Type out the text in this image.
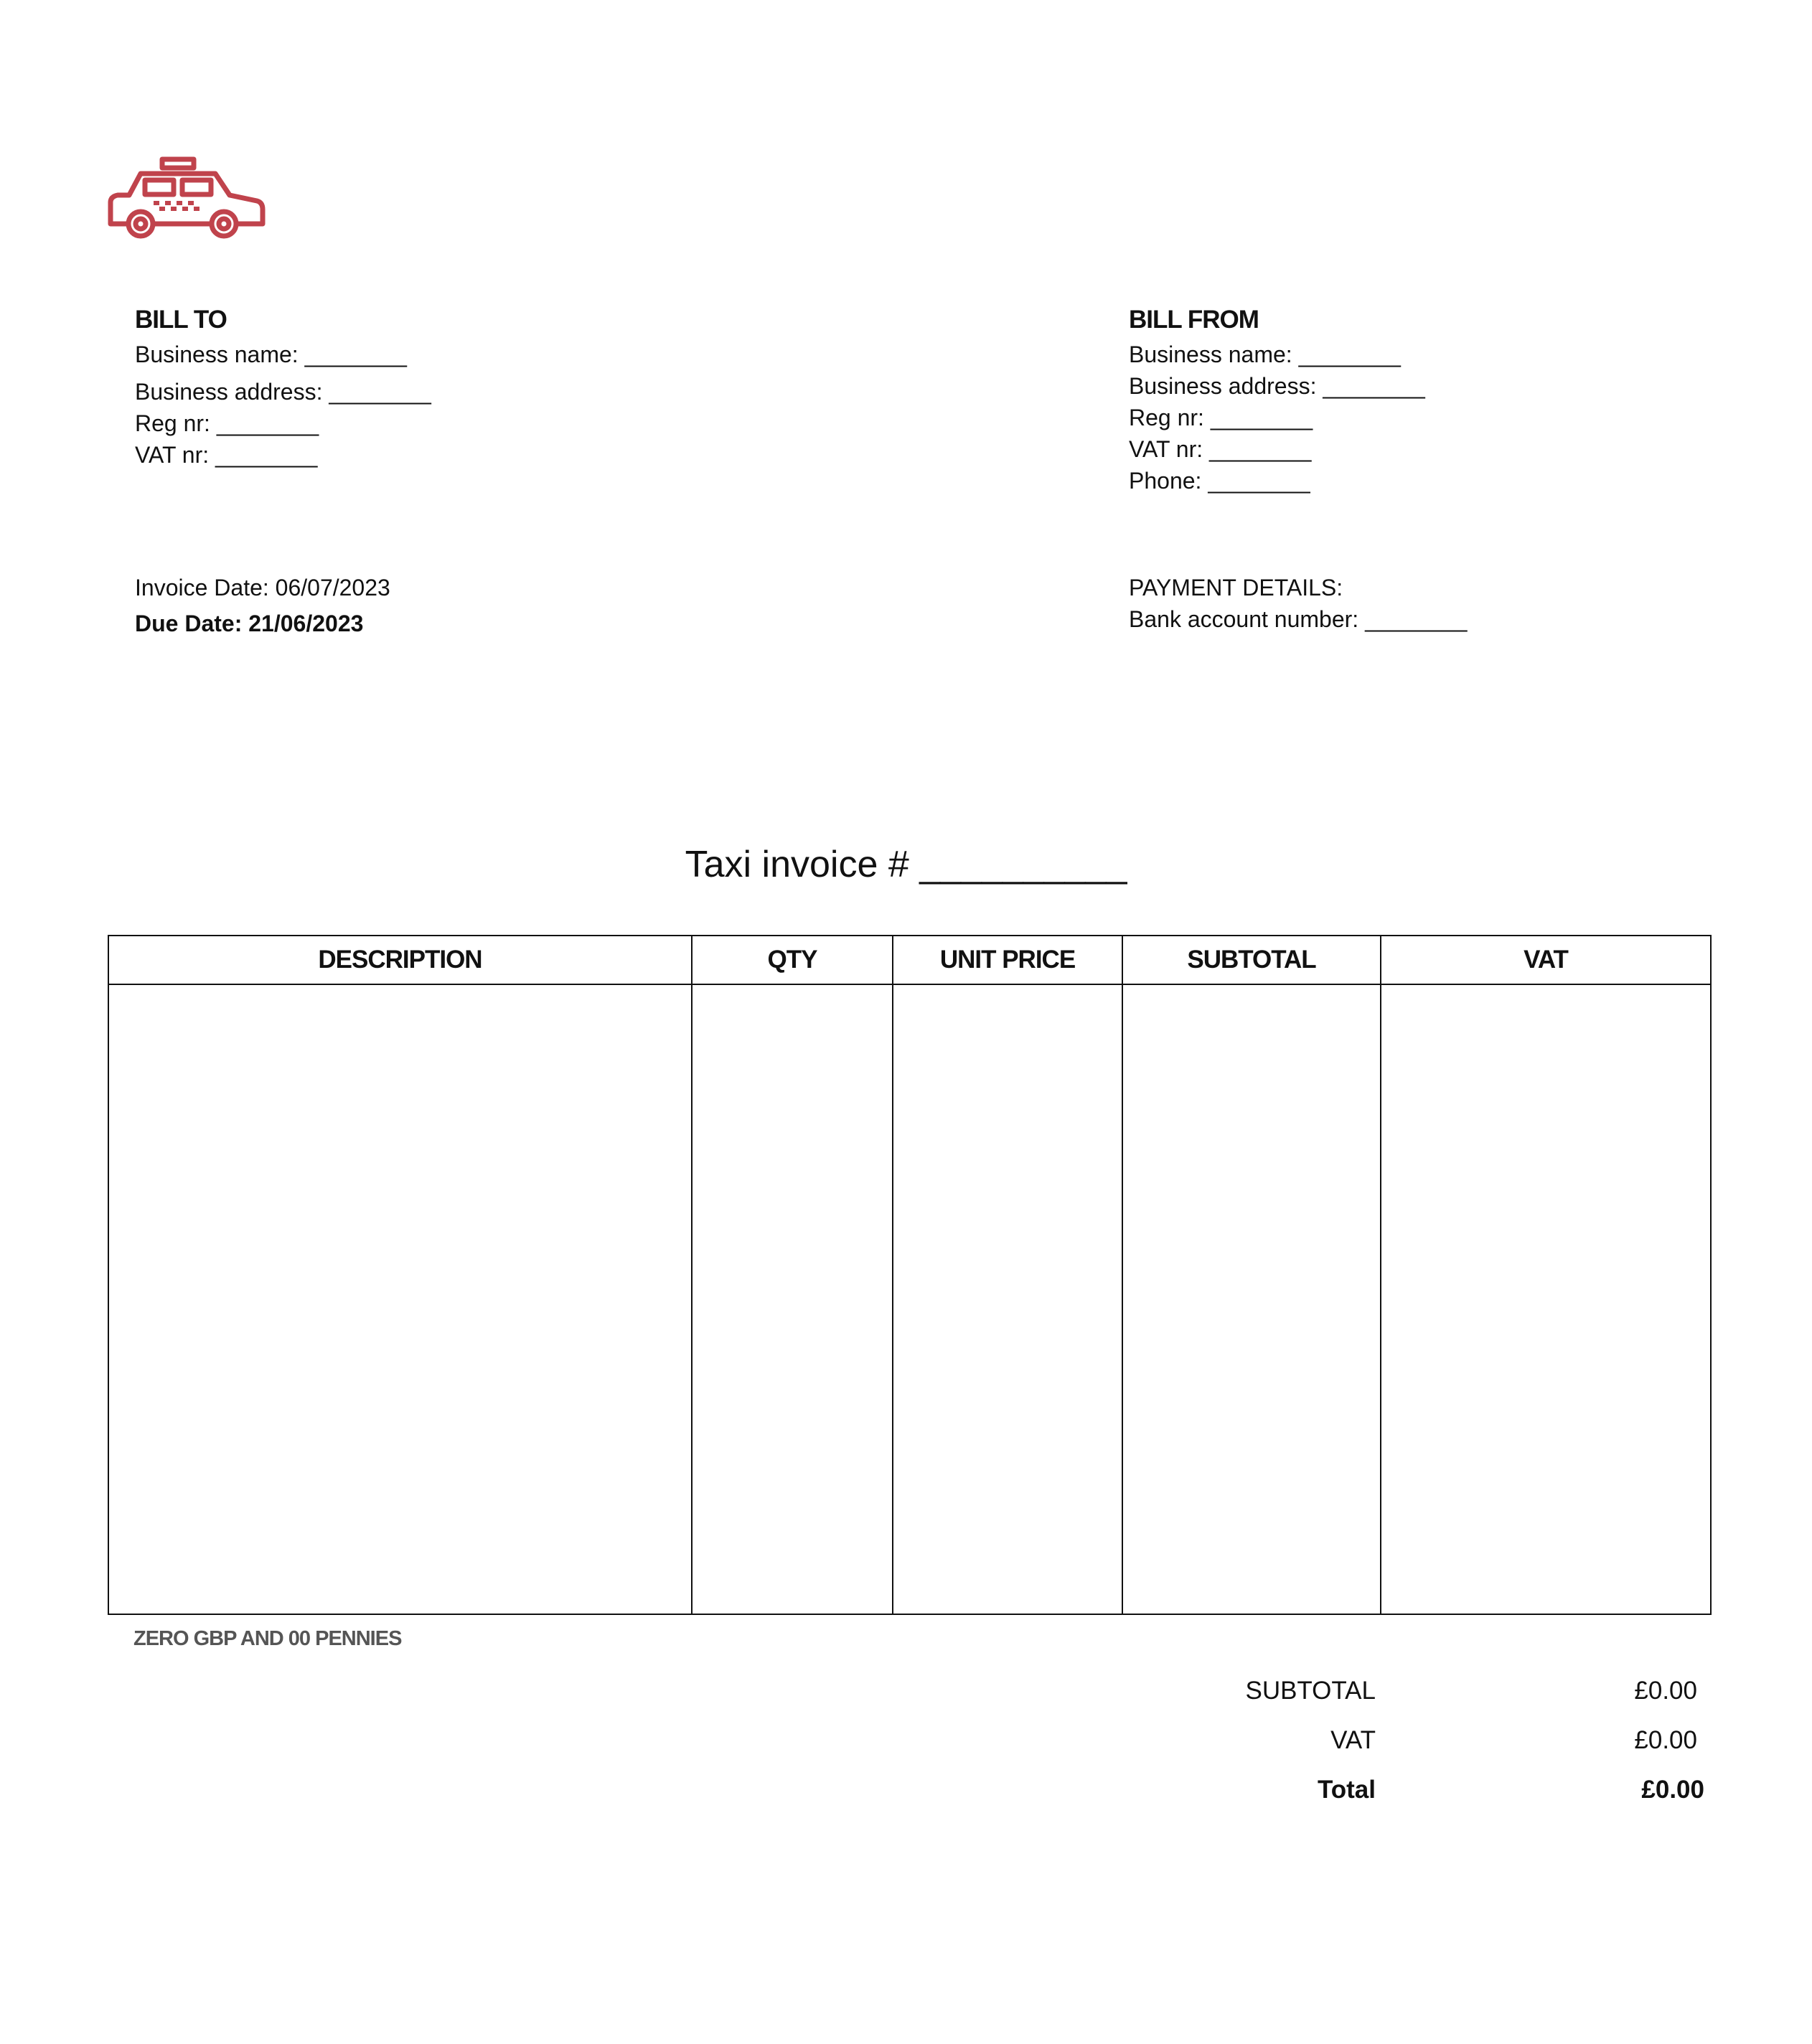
BILL TO
Business name: ________
Business address: ________
Reg nr: ________
VAT nr: ________
BILL FROM
Business name: ________
Business address: ________
Reg nr: ________
VAT nr: ________
Phone: ________
Invoice Date: 06/07/2023
Due Date: 21/06/2023
PAYMENT DETAILS:
Bank account number: ________
Taxi invoice # __________
DESCRIPTION	QTY	UNIT PRICE	SUBTOTAL	VAT

ZERO GBP AND 00 PENNIES
SUBTOTAL	£0.00
VAT	£0.00
Total	£0.00
